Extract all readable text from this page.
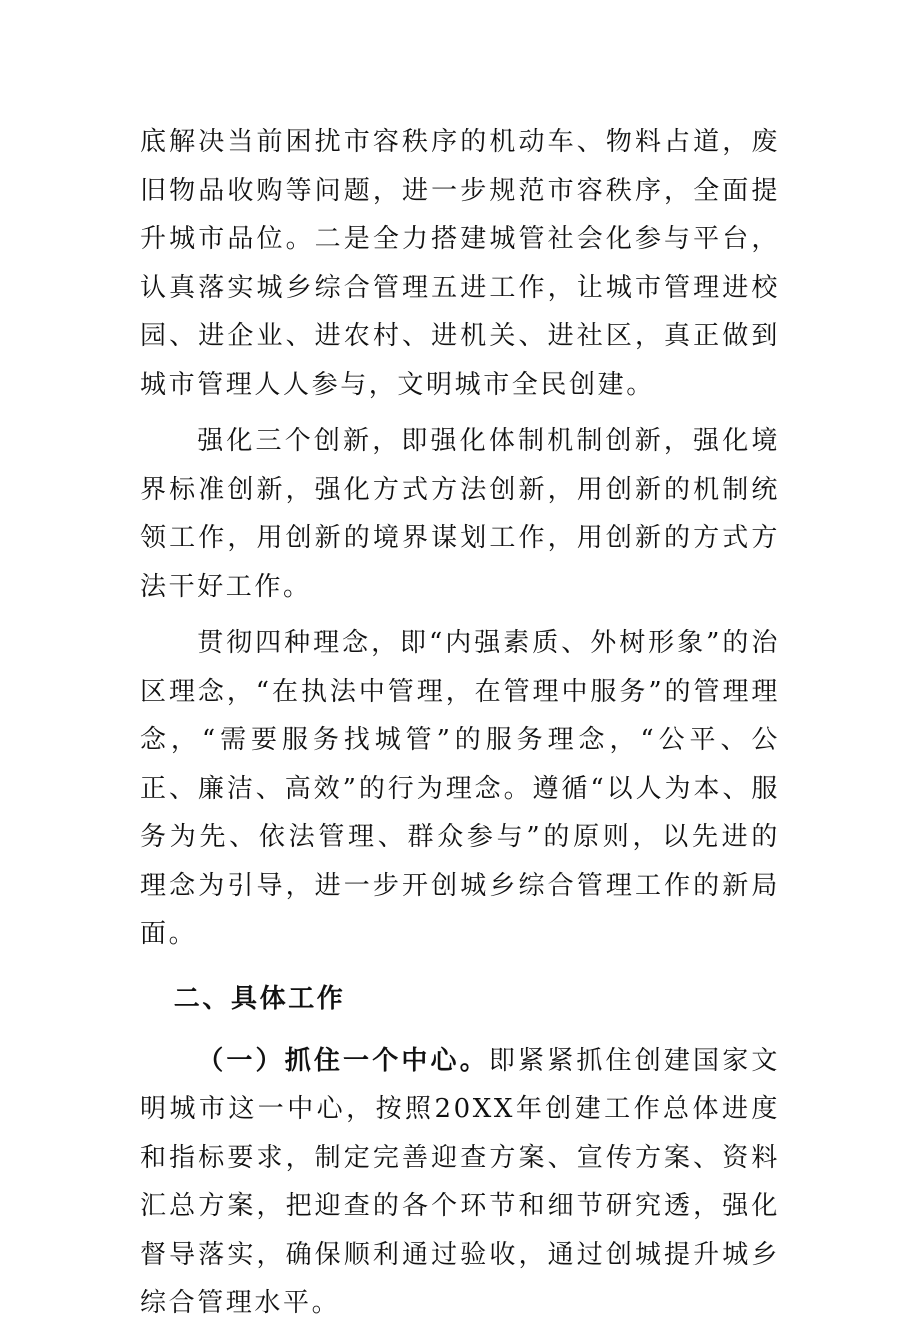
底解决当前困扰市容秩序的机动车、物料占道，废旧物品收购等问题，进一步规范市容秩序，全面提升城市品位。二是全力搭建城管社会化参与平台，认真落实城乡综合管理五进工作，让城市管理进校园、进企业、进农村、进机关、进社区，真正做到城市管理人人参与，文明城市全民创建。

强化三个创新，即强化体制机制创新，强化境界标准创新，强化方式方法创新，用创新的机制统领工作，用创新的境界谋划工作，用创新的方式方法干好工作。

贯彻四种理念，即“内强素质、外树形象”的治区理念，“在执法中管理，在管理中服务”的管理理念，“需要服务找城管”的服务理念，“公平、公正、廉洁、高效”的行为理念。遵循“以人为本、服务为先、依法管理、群众参与”的原则，以先进的理念为引导，进一步开创城乡综合管理工作的新局面。

二、具体工作

（一）抓住一个中心。即紧紧抓住创建国家文明城市这一中心，按照20XX年创建工作总体进度和指标要求，制定完善迎查方案、宣传方案、资料汇总方案，把迎查的各个环节和细节研究透，强化督导落实，确保顺利通过验收，通过创城提升城乡综合管理水平。
